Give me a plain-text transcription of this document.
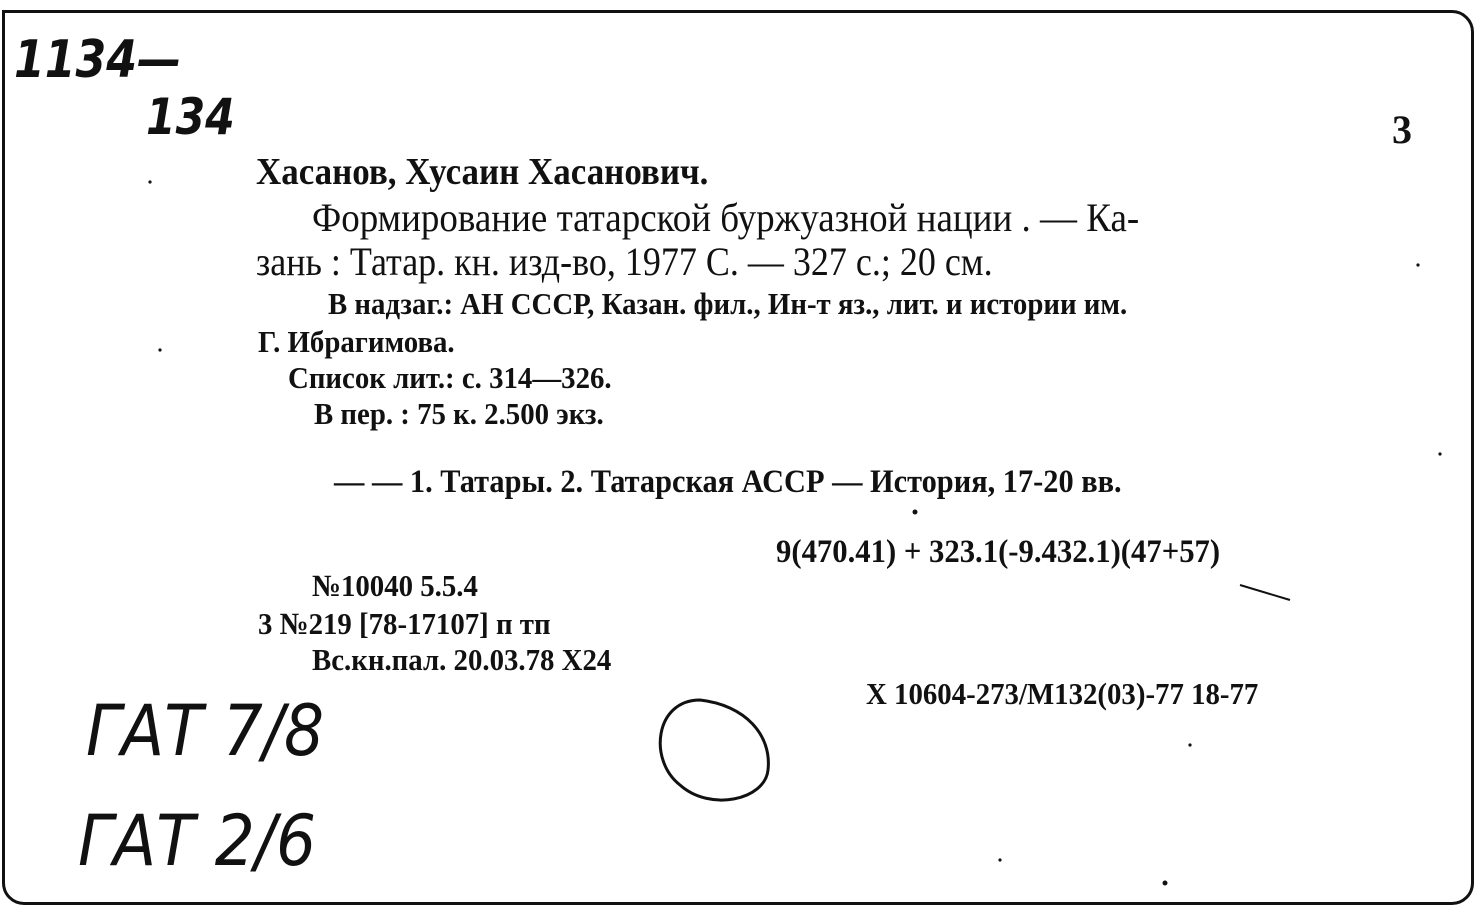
1134—
134
ГАТ 7/8
ГАТ 2/6
3
Хасанов, Хусаин Хасанович.
Формирование татарской буржуазной нации . — Ка-
зань : Татар. кн. изд-во, 1977 С. — 327 с.; 20 см.
В надзаг.: АН СССР, Казан. фил., Ин-т яз., лит. и истории им.
Г. Ибрагимова.
Список лит.: с. 314—326.
В пер. : 75 к. 2.500 экз.
— — 1. Татары. 2. Татарская АССР — История, 17-20 вв.
9(470.41) + 323.1(-9.432.1)(47+57)
№10040 5.5.4
3 №219 [78-17107] п тп
Вс.кн.пал. 20.03.78 Х24
Х 10604-273/М132(03)-77 18-77
